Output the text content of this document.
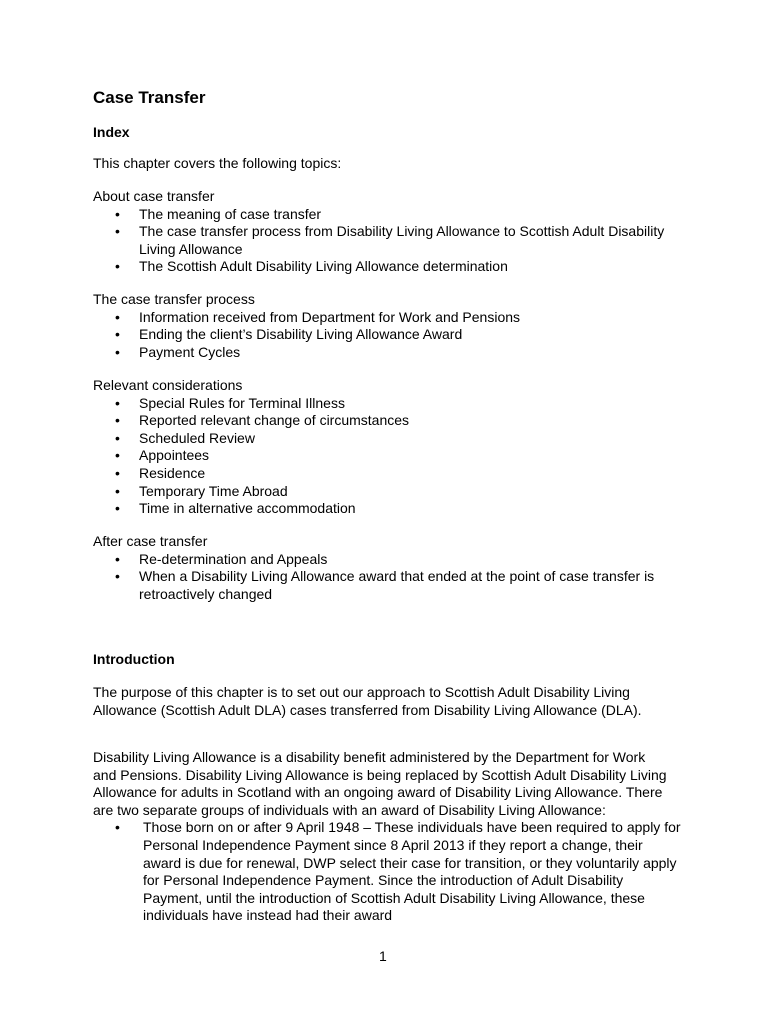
Case Transfer

Index

This chapter covers the following topics:

About case transfer

• The meaning of case transfer
• The case transfer process from Disability Living Allowance to Scottish Adult Disability Living Allowance
• The Scottish Adult Disability Living Allowance determination

The case transfer process

• Information received from Department for Work and Pensions
• Ending the client’s Disability Living Allowance Award
• Payment Cycles

Relevant considerations

• Special Rules for Terminal Illness
• Reported relevant change of circumstances
• Scheduled Review
• Appointees
• Residence
• Temporary Time Abroad
• Time in alternative accommodation

After case transfer

• Re-determination and Appeals
• When a Disability Living Allowance award that ended at the point of case transfer is retroactively changed

Introduction

The purpose of this chapter is to set out our approach to Scottish Adult Disability Living Allowance (Scottish Adult DLA) cases transferred from Disability Living Allowance (DLA).

Disability Living Allowance is a disability benefit administered by the Department for Work and Pensions. Disability Living Allowance is being replaced by Scottish Adult Disability Living Allowance for adults in Scotland with an ongoing award of Disability Living Allowance. There are two separate groups of individuals with an award of Disability Living Allowance:

• Those born on or after 9 April 1948 – These individuals have been required to apply for Personal Independence Payment since 8 April 2013 if they report a change, their award is due for renewal, DWP select their case for transition, or they voluntarily apply for Personal Independence Payment. Since the introduction of Adult Disability Payment, until the introduction of Scottish Adult Disability Living Allowance, these individuals have instead had their award
1
